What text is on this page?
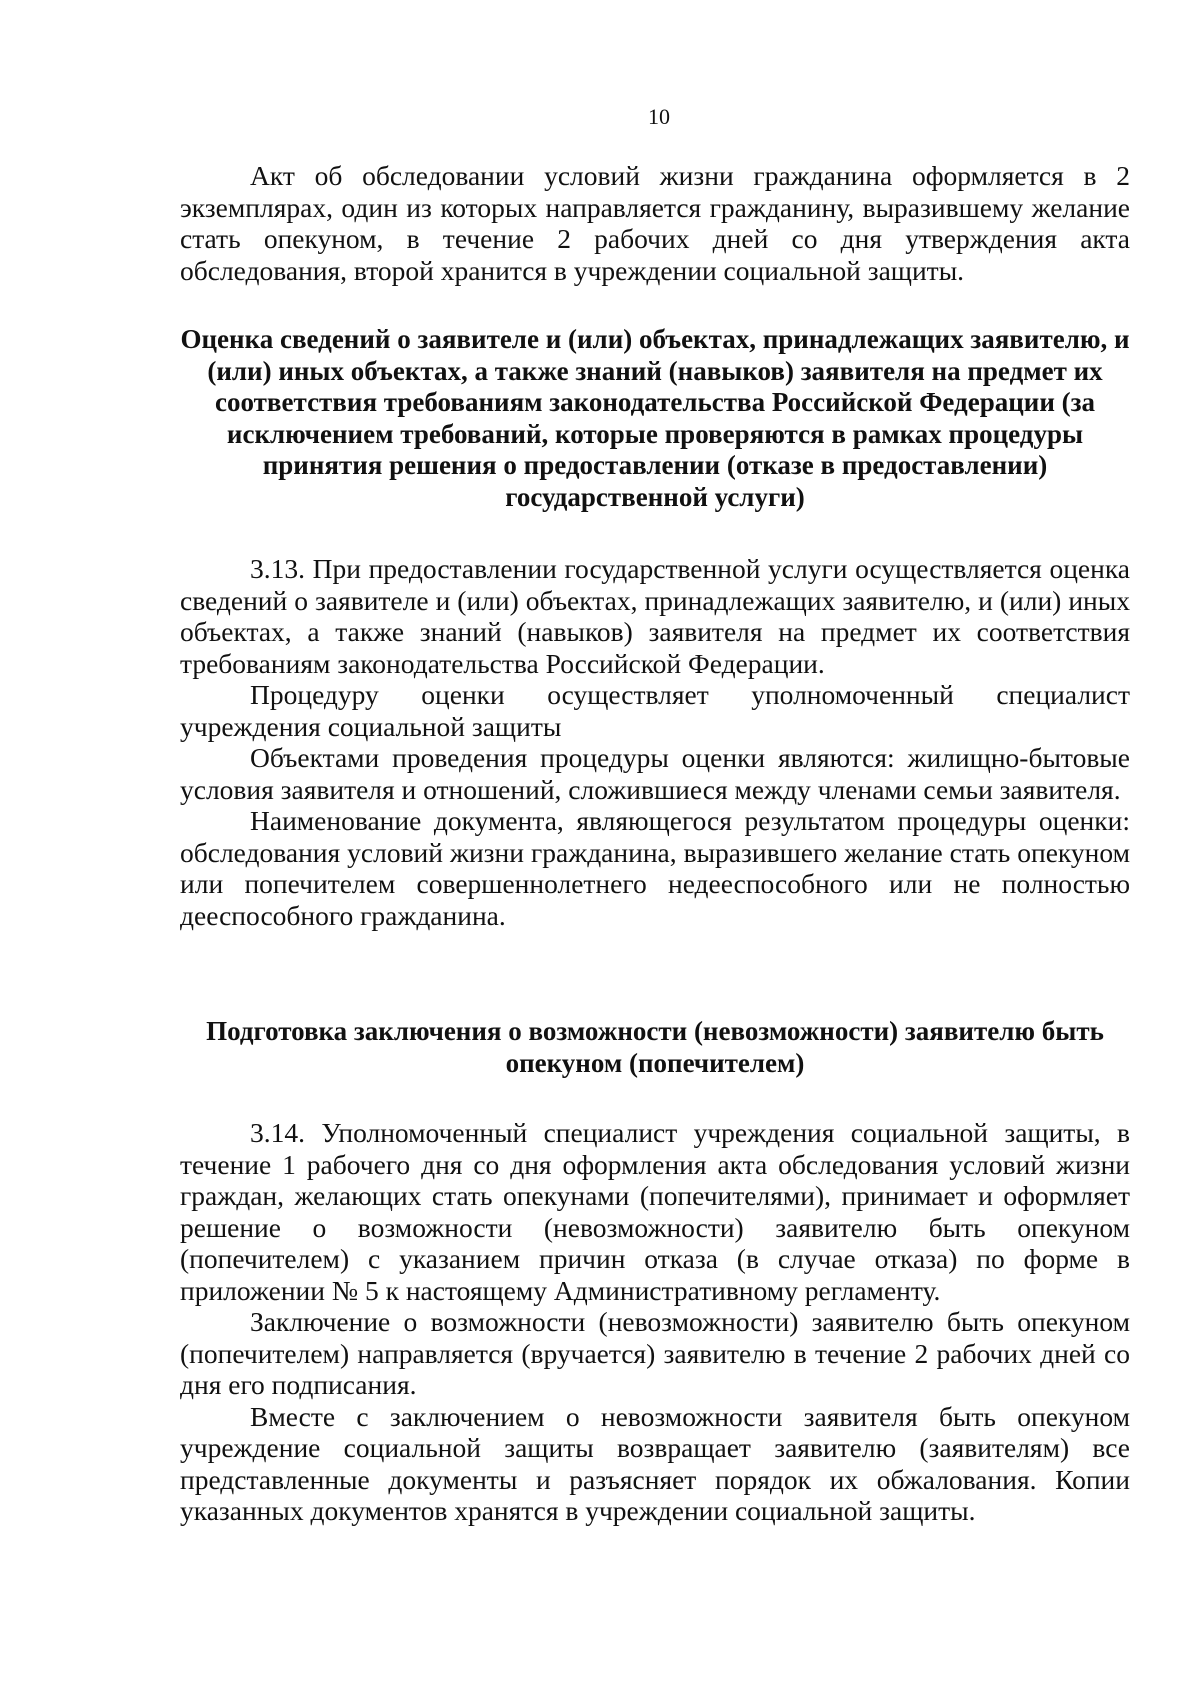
10

Акт об обследовании условий жизни гражданина оформляется в 2 экземплярах, один из которых направляется гражданину, выразившему желание стать опекуном, в течение 2 рабочих дней со дня утверждения акта обследования, второй хранится в учреждении социальной защиты.

Оценка сведений о заявителе и (или) объектах, принадлежащих заявителю, и (или) иных объектах, а также знаний (навыков) заявителя на предмет их соответствия требованиям законодательства Российской Федерации (за исключением требований, которые проверяются в рамках процедуры принятия решения о предоставлении (отказе в предоставлении) государственной услуги)

3.13. При предоставлении государственной услуги осуществляется оценка сведений о заявителе и (или) объектах, принадлежащих заявителю, и (или) иных объектах, а также знаний (навыков) заявителя на предмет их соответствия требованиям законодательства Российской Федерации.

Процедуру оценки осуществляет уполномоченный специалист учреждения социальной защиты

Объектами проведения процедуры оценки являются: жилищно-бытовые условия заявителя и отношений, сложившиеся между членами семьи заявителя.

Наименование документа, являющегося результатом процедуры оценки: обследования условий жизни гражданина, выразившего желание стать опекуном или попечителем совершеннолетнего недееспособного или не полностью дееспособного гражданина.

Подготовка заключения о возможности (невозможности) заявителю быть опекуном (попечителем)

3.14. Уполномоченный специалист учреждения социальной защиты, в течение 1 рабочего дня со дня оформления акта обследования условий жизни граждан, желающих стать опекунами (попечителями), принимает и оформляет решение о возможности (невозможности) заявителю быть опекуном (попечителем) с указанием причин отказа (в случае отказа) по форме в приложении № 5 к настоящему Административному регламенту.

Заключение о возможности (невозможности) заявителю быть опекуном (попечителем) направляется (вручается) заявителю в течение 2 рабочих дней со дня его подписания.

Вместе с заключением о невозможности заявителя быть опекуном учреждение социальной защиты возвращает заявителю (заявителям) все представленные документы и разъясняет порядок их обжалования. Копии указанных документов хранятся в учреждении социальной защиты.
